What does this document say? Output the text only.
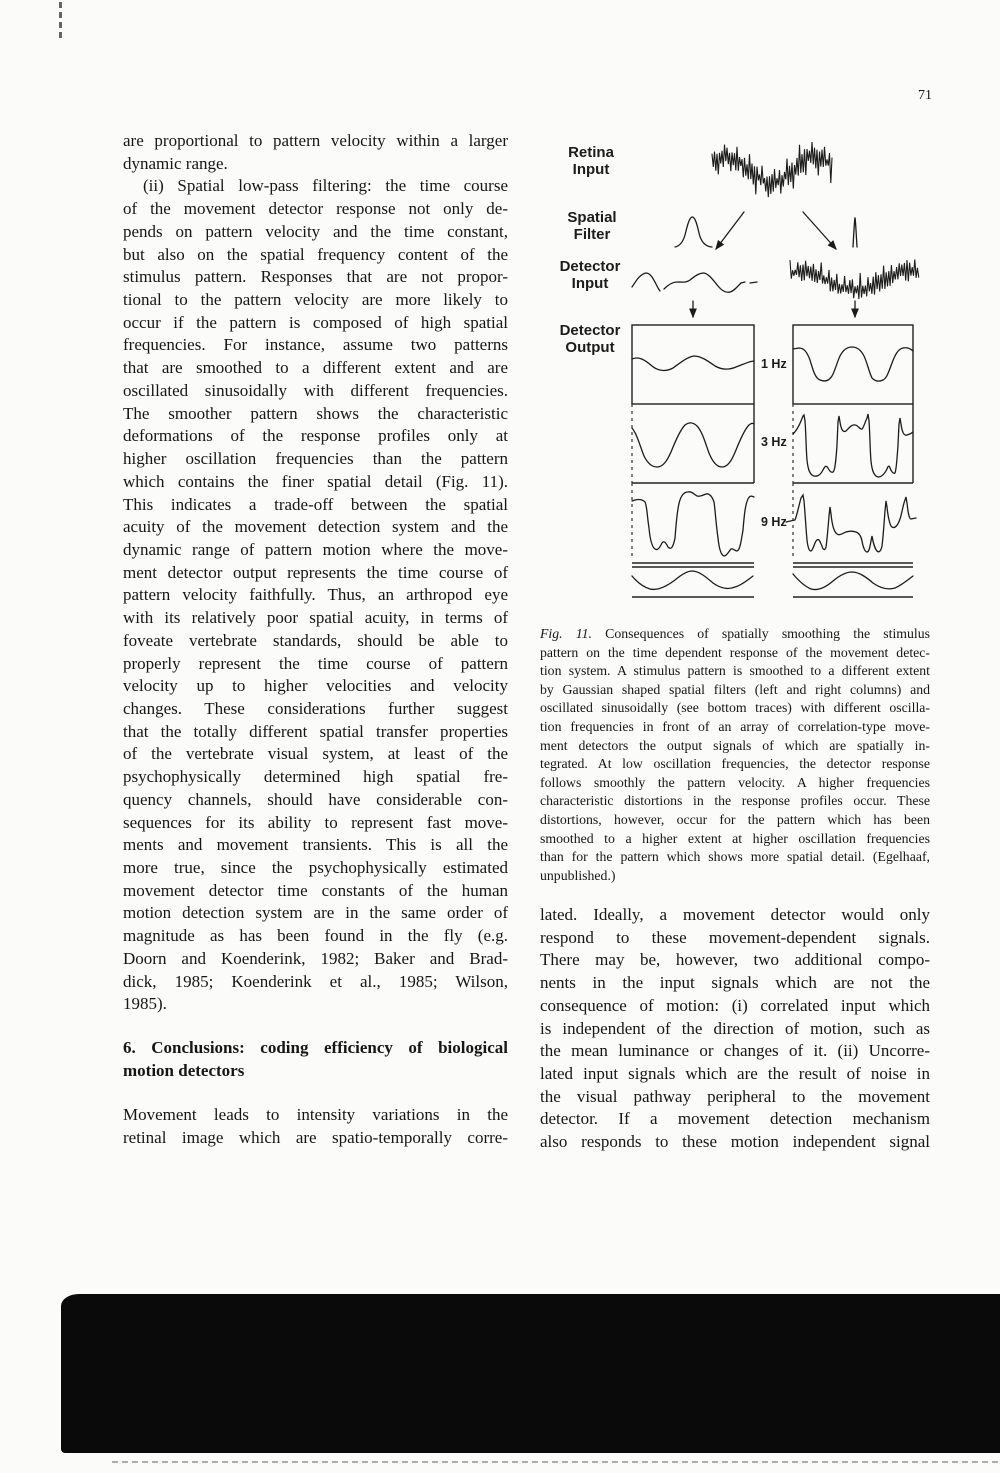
71
are proportional to pattern velocity within a larger
dynamic range.
(ii) Spatial low-pass filtering: the time course
of the movement detector response not only de-
pends on pattern velocity and the time constant,
but also on the spatial frequency content of the
stimulus pattern. Responses that are not propor-
tional to the pattern velocity are more likely to
occur if the pattern is composed of high spatial
frequencies. For instance, assume two patterns
that are smoothed to a different extent and are
oscillated sinusoidally with different frequencies.
The smoother pattern shows the characteristic
deformations of the response profiles only at
higher oscillation frequencies than the pattern
which contains the finer spatial detail (Fig. 11).
This indicates a trade-off between the spatial
acuity of the movement detection system and the
dynamic range of pattern motion where the move-
ment detector output represents the time course of
pattern velocity faithfully. Thus, an arthropod eye
with its relatively poor spatial acuity, in terms of
foveate vertebrate standards, should be able to
properly represent the time course of pattern
velocity up to higher velocities and velocity
changes. These considerations further suggest
that the totally different spatial transfer properties
of the vertebrate visual system, at least of the
psychophysically determined high spatial fre-
quency channels, should have considerable con-
sequences for its ability to represent fast move-
ments and movement transients. This is all the
more true, since the psychophysically estimated
movement detector time constants of the human
motion detection system are in the same order of
magnitude as has been found in the fly (e.g.
Doorn and Koenderink, 1982; Baker and Brad-
dick, 1985; Koenderink et al., 1985; Wilson,
1985).
6. Conclusions: coding efficiency of biological
motion detectors
Movement leads to intensity variations in the
retinal image which are spatio-temporally corre-
Retina
Input
Spatial
Filter
Detector
Input
Detector
Output
1 Hz
3 Hz
9 Hz
Fig. 11. Consequences of spatially smoothing the stimulus
pattern on the time dependent response of the movement detec-
tion system. A stimulus pattern is smoothed to a different extent
by Gaussian shaped spatial filters (left and right columns) and
oscillated sinusoidally (see bottom traces) with different oscilla-
tion frequencies in front of an array of correlation-type move-
ment detectors the output signals of which are spatially in-
tegrated. At low oscillation frequencies, the detector response
follows smoothly the pattern velocity. A higher frequencies
characteristic distortions in the response profiles occur. These
distortions, however, occur for the pattern which has been
smoothed to a higher extent at higher oscillation frequencies
than for the pattern which shows more spatial detail. (Egelhaaf,
unpublished.)
lated. Ideally, a movement detector would only
respond to these movement-dependent signals.
There may be, however, two additional compo-
nents in the input signals which are not the
consequence of motion: (i) correlated input which
is independent of the direction of motion, such as
the mean luminance or changes of it. (ii) Uncorre-
lated input signals which are the result of noise in
the visual pathway peripheral to the movement
detector. If a movement detection mechanism
also responds to these motion independent signal
